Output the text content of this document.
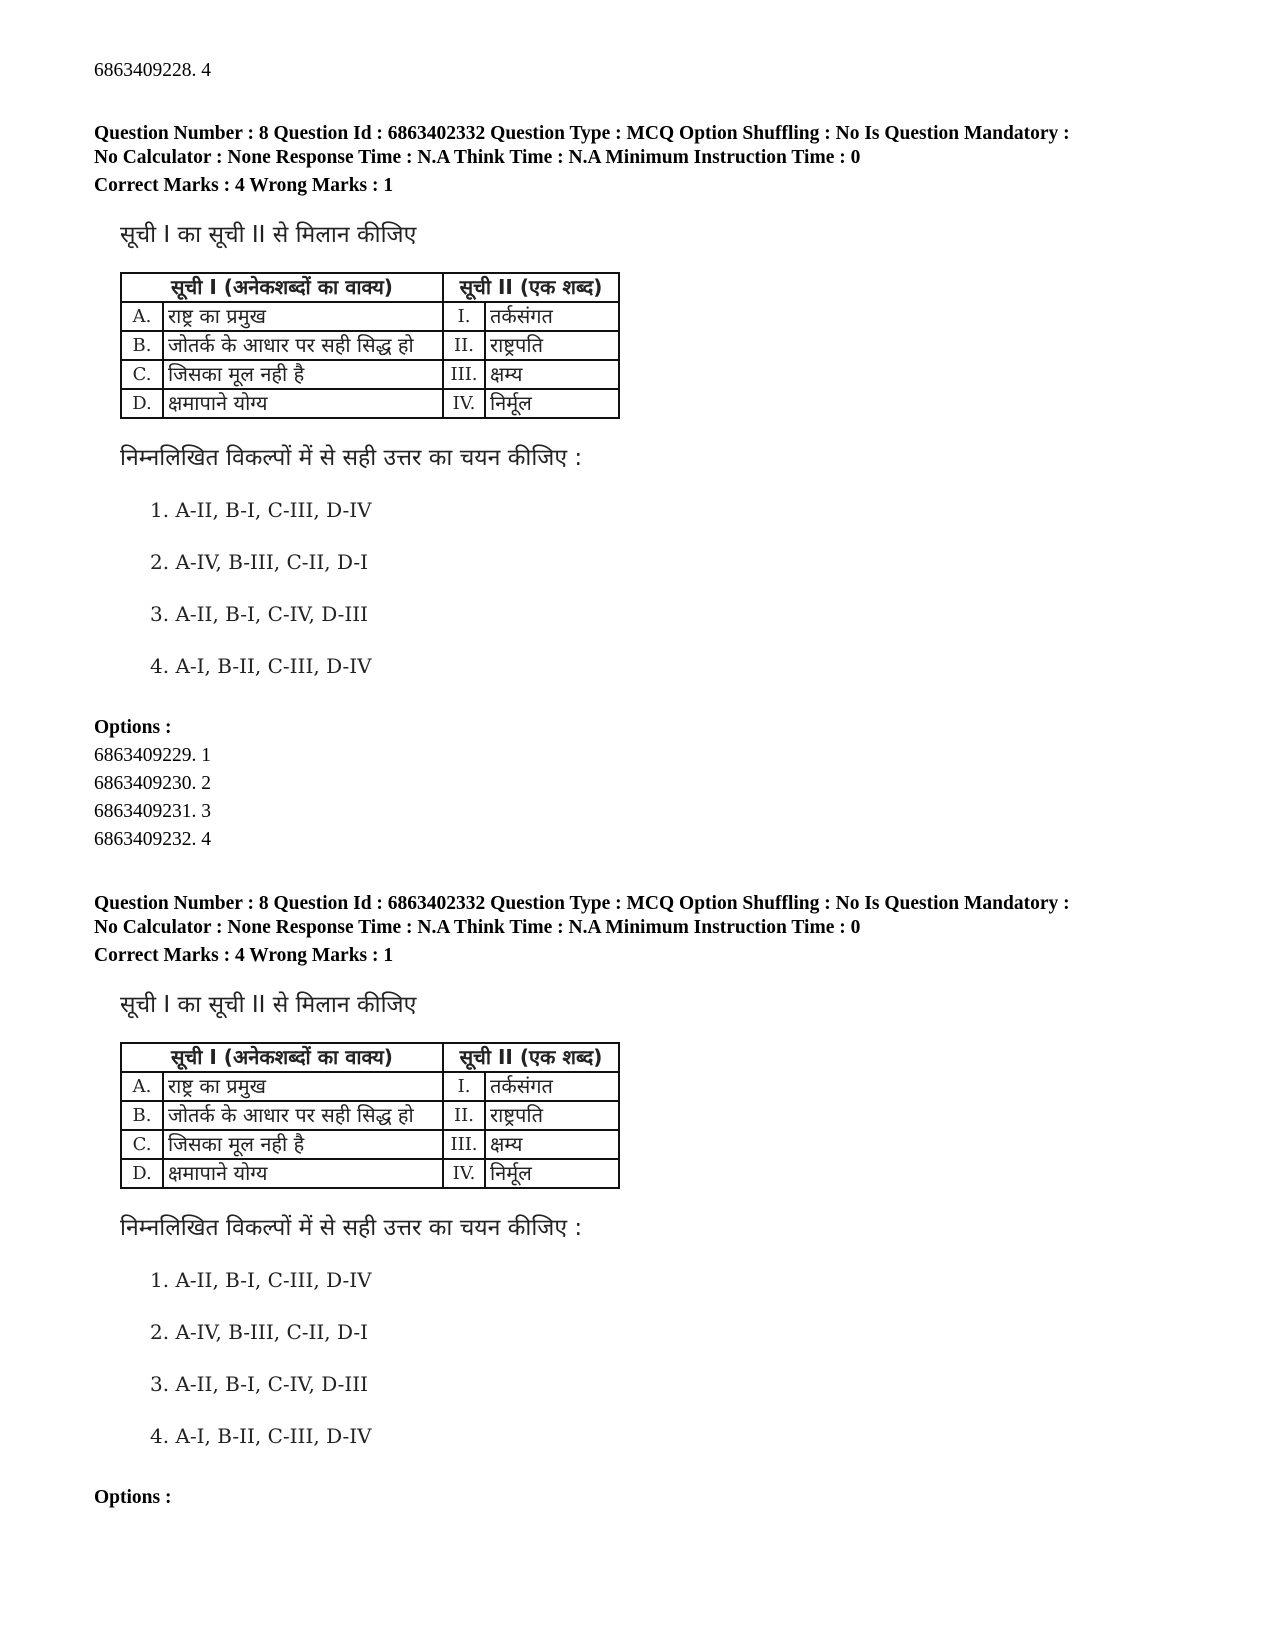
6863409228. 4
Question Number : 8 Question Id : 6863402332 Question Type : MCQ Option Shuffling : No Is Question Mandatory :
No Calculator : None Response Time : N.A Think Time : N.A Minimum Instruction Time : 0
Correct Marks : 4 Wrong Marks : 1
सूची I का सूची II से मिलान कीजिए
सूची I (अनेकशब्दों का वाक्य)		सूची II (एक शब्द)	
A.	राष्ट्र का प्रमुख	I.	तर्कसंगत
B.	जोतर्क के आधार पर सही सिद्ध हो	II.	राष्ट्रपति
C.	जिसका मूल नही है	III.	क्षम्य
D.	क्षमापाने योग्य	IV.	निर्मूल
निम्नलिखित विकल्पों में से सही उत्तर का चयन कीजिए :
1. A-II, B-I, C-III, D-IV
2. A-IV, B-III, C-II, D-I
3. A-II, B-I, C-IV, D-III
4. A-I, B-II, C-III, D-IV
Options :
6863409229. 1
6863409230. 2
6863409231. 3
6863409232. 4
Question Number : 8 Question Id : 6863402332 Question Type : MCQ Option Shuffling : No Is Question Mandatory :
No Calculator : None Response Time : N.A Think Time : N.A Minimum Instruction Time : 0
Correct Marks : 4 Wrong Marks : 1
सूची I का सूची II से मिलान कीजिए
सूची I (अनेकशब्दों का वाक्य)		सूची II (एक शब्द)	
A.	राष्ट्र का प्रमुख	I.	तर्कसंगत
B.	जोतर्क के आधार पर सही सिद्ध हो	II.	राष्ट्रपति
C.	जिसका मूल नही है	III.	क्षम्य
D.	क्षमापाने योग्य	IV.	निर्मूल
निम्नलिखित विकल्पों में से सही उत्तर का चयन कीजिए :
1. A-II, B-I, C-III, D-IV
2. A-IV, B-III, C-II, D-I
3. A-II, B-I, C-IV, D-III
4. A-I, B-II, C-III, D-IV
Options :
